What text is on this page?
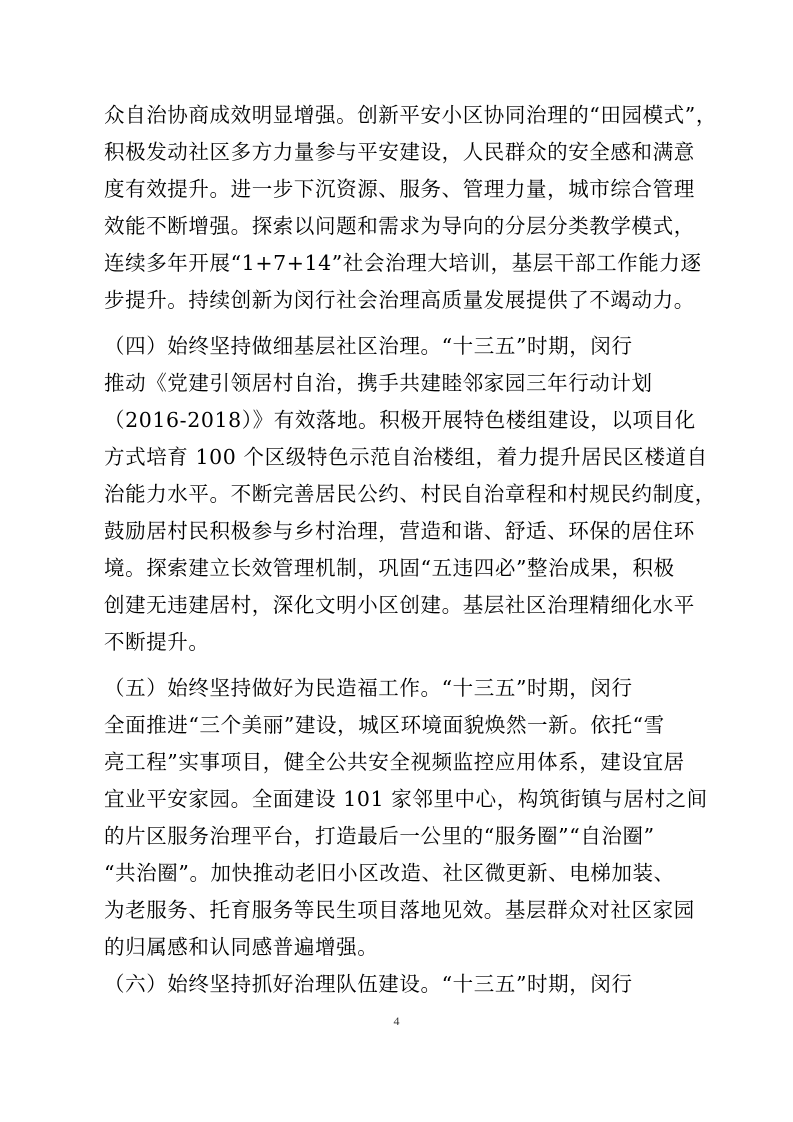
众自治协商成效明显增强。创新平安小区协同治理的“田园模式”，
积极发动社区多方力量参与平安建设，人民群众的安全感和满意
度有效提升。进一步下沉资源、服务、管理力量，城市综合管理
效能不断增强。探索以问题和需求为导向的分层分类教学模式，
连续多年开展“1+7+14”社会治理大培训，基层干部工作能力逐
步提升。持续创新为闵行社会治理高质量发展提供了不竭动力。
（四）始终坚持做细基层社区治理。“十三五”时期，闵行
推动《党建引领居村自治，携手共建睦邻家园三年行动计划
（2016-2018）》有效落地。积极开展特色楼组建设，以项目化
方式培育 100 个区级特色示范自治楼组，着力提升居民区楼道自
治能力水平。不断完善居民公约、村民自治章程和村规民约制度，
鼓励居村民积极参与乡村治理，营造和谐、舒适、环保的居住环
境。探索建立长效管理机制，巩固“五违四必”整治成果，积极
创建无违建居村，深化文明小区创建。基层社区治理精细化水平
不断提升。
（五）始终坚持做好为民造福工作。“十三五”时期，闵行
全面推进“三个美丽”建设，城区环境面貌焕然一新。依托“雪
亮工程”实事项目，健全公共安全视频监控应用体系，建设宜居
宜业平安家园。全面建设 101 家邻里中心，构筑街镇与居村之间
的片区服务治理平台，打造最后一公里的“服务圈”“自治圈”
“共治圈”。加快推动老旧小区改造、社区微更新、电梯加装、
为老服务、托育服务等民生项目落地见效。基层群众对社区家园
的归属感和认同感普遍增强。
（六）始终坚持抓好治理队伍建设。“十三五”时期，闵行
4
